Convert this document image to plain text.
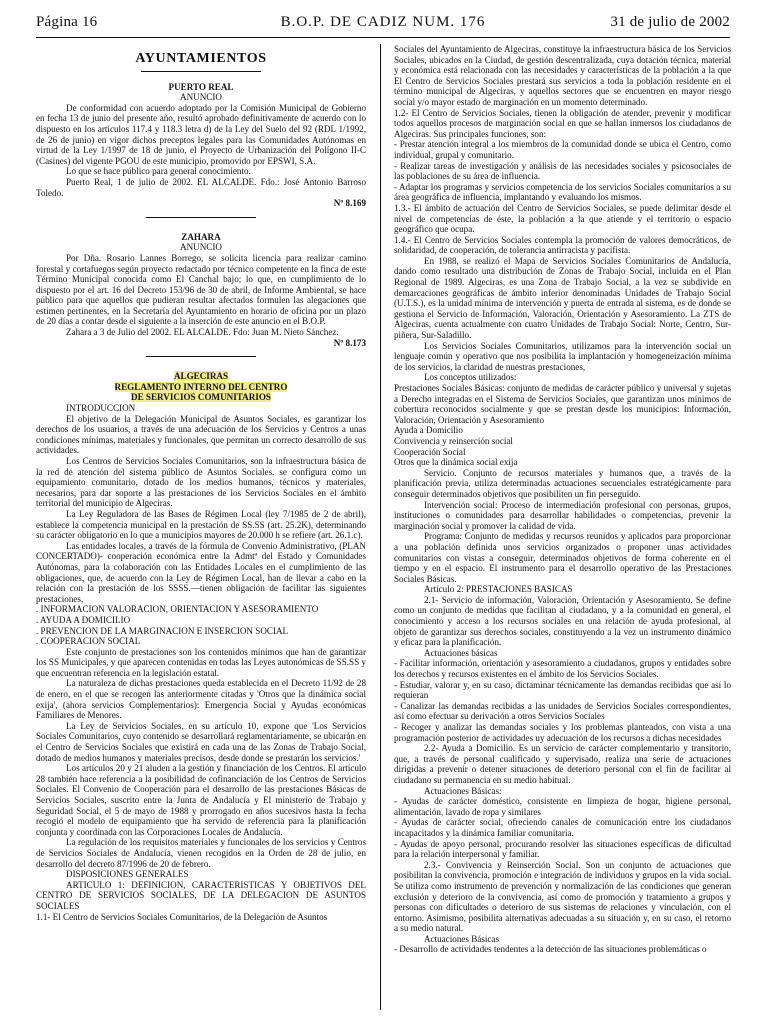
Página 16	B.O.P. DE CADIZ NUM. 176	31 de julio de 2002
AYUNTAMIENTOS

PUERTO REAL

ANUNCIO

De conformidad con acuerdo adoptado por la Comisión Municipal de Gobierno en fecha 13 de junio del presente año, resultó aprobado definitivamente de acuerdo con lo dispuesto en los artículos 117.4 y 118.3 letra d) de la Ley del Suelo del 92 (RDL 1/1992, de 26 de junio) en vigor dichos preceptos legales para las Comunidades Autónomas en virtud de la Ley 1/1997 de 18 de junio, el Proyecto de Urbanización del Polígono II-C (Casines) del vigente PGOU de este municipio, promovido por EPSWI, S.A.

Lo que se hace público para general conocimiento.

Puerto Real, 1 de julio de 2002. EL ALCALDE. Fdo.: José Antonio Barroso Toledo.

Nº 8.169

ZAHARA

ANUNCIO

Por Dña. Rosario Lannes Borrego, se solicita licencia para realizar camino forestal y cortafuegos según proyecto redactado por técnico competente en la finca de este Término Municipal conocida como El Canchal bajo; lo que, en cumplimiento de lo dispuesto por el art. 16 del Decreto 153/96 de 30 de abril, de Informe Ambiental, se hace público para que aquellos que pudieran resultar afectados formulen las alegaciones que estimen pertinentes, en la Secretaría del Ayuntamiento en horario de oficina por un plazo de 20 días a contar desde el siguiente a la inserción de este anuncio en el B.O.P.

Zahara a 3 de Julio del 2002. EL ALCALDE. Fdo: Juan M. Nieto Sánchez.

Nº 8.173

ALGECIRAS

REGLAMENTO INTERNO DEL CENTRO

DE SERVICIOS COMUNITARIOS

INTRODUCCION

El objetivo de la Delegación Municipal de Asuntos Sociales, es garantizar los derechos de los usuarios, a través de una adecuación de los Servicios y Centros a unas condiciones mínimas, materiales y funcionales, que permitan un correcto desarrollo de sus actividades.

Los Centros de Servicios Sociales Comunitarios, son la infraestructura básica de la red de atención del sistema público de Asuntos Sociales. se configura como un equipamiento comunitario, dotado de los medios humanos, técnicos y materiales, necesarios, para dar soporte a las prestaciones de los Servicios Sociales en el ámbito territorial del municipio de Algeciras.

La Ley Reguladora de las Bases de Régimen Local (ley 7/1985 de 2 de abril), establece la competencia municipal en la prestación de SS.SS (art. 25.2K), determinando su carácter obligatorio en lo que a municipios mayores de 20.000 h se refiere (art. 26.1.c).

Las entidades locales, a través de la fórmula de Convenio Administrativo, (PLAN CONCERTADO)- cooperación económica entre la Admtª del Estado y Comunidades Autónomas, para la colaboración con las Entidades Locales en el cumplimiento de las obligaciones, que, de acuerdo con la Ley de Régimen Local, han de llevar a cabo en la relación con la prestación de los SSSS.—tienen obligación de facilitar las siguientes prestaciones,

. INFORMACION VALORACION, ORIENTACION Y ASESORAMIENTO

. AYUDA A DOMICILIO

. PREVENCION DE LA MARGINACION E INSERCION SOCIAL

. COOPERACION SOCIAL

Este conjunto de prestaciones son los contenidos mínimos que han de garantizar los SS Municipales, y que aparecen contenidas en todas las Leyes autonómicas de SS.SS y que encuentran referencia en la legislación estatal.

La naturaleza de dichas prestaciones queda establecida en el Decreto 11/92 de 28 de enero, en el que se recogen las anteriormente citadas y 'Otros que la dinámica social exija', (ahora servicios Complementarios): Emergencia Social y Ayudas económicas Familiares de Menores.

La Ley de Servicios Sociales, en su artículo 10, expone que 'Los Servicios Sociales Comunitarios, cuyo contenido se desarrollará reglamentariamente, se ubicarán en el Centro de Servicios Sociales que existirá en cada una de las Zonas de Trabajo Social, dotado de medios humanos y materiales precisos, desde donde se prestarán los servicios.'

Los artículos 20 y 21 aluden a la gestión y financiación de los Centros. El artículo 28 también hace referencia a la posibilidad de cofinanciación de los Centros de Servicios Sociales. El Convenio de Cooperación para el desarrollo de las prestaciones Básicas de Servicios Sociales, suscrito entre la Junta de Andalucía y El ministerio de Trabajo y Seguridad Social, el 5 de mayo de 1988 y prorrogado en años sucesivos hasta la fecha recogió el modelo de equipamiento que ha servido de referencia para la planificación conjunta y coordinada con las Corporaciones Locales de Andalucía.

La regulación de los requisitos materiales y funcionales de los servicios y Centros de Servicios Sociales de Andalucía, vienen recogidos en la Orden de 28 de julio, en desarrollo del decreto 87/1996 de 20 de febrero.

DISPOSICIONES GENERALES

ARTICULO 1: DEFINICION, CARACTERISTICAS Y OBJETIVOS DEL CENTRO DE SERVICIOS SOCIALES, DE LA DELEGACION DE ASUNTOS SOCIALES

1.1- El Centro de Servicios Sociales Comunitarios, de la Delegación de Asuntos

Sociales del Ayuntamiento de Algeciras, constituye la infraestructura básica de los Servicios Sociales, ubicados en la Ciudad, de gestión descentralizada, cuya dotación técnica, material y económica está relacionada con las necesidades y características de la población a la que El Centro de Servicios Sociales prestará sus servicios a toda la población residente en el término municipal de Algeciras, y aquellos sectores que se encuentren en mayor riesgo social y/o mayor estado de marginación en un momento determinado.

1.2- El Centro de Servicios Sociales, tienen la obligación de atender, prevenir y modificar todos aquellos procesos de marginación social en que se hallan inmersos los ciudadanos de Algeciras. Sus principales funciones, son:

- Prestar atención integral a los miembros de la comunidad donde se ubica el Centro, como individual, grupal y comunitario.

- Realizar tareas de investigación y análisis de las necesidades sociales y psicosociales de las poblaciones de su área de influencia.

- Adaptar los programas y servicios competencia de los servicios Sociales comunitarios a su área geográfica de influencia, implantando y evaluando los mismos.

1.3.- El ámbito de actuación del Centro de Servicios Sociales, se puede delimitar desde el nivel de competencias de éste, la población a la que atiende y el territorio o espacio geográfico que ocupa.

1.4.- El Centro de Servicios Sociales contempla la promoción de valores democráticos, de solidaridad, de cooperación, de tolerancia antirracista y pacifista.

En 1988, se realizó el Mapa de Servicios Sociales Comunitarios de Andalucía, dando como resultado una distribución de Zonas de Trabajo Social, incluida en el Plan Regional de 1989. Algeciras, es una Zona de Trabajo Social, a la vez se subdivide en demarcaciones geográficas de ámbito inferior denominadas Unidades de Trabajo Social (U.T.S.), es la unidad mínima de intervención y puerta de entrada al sistema, es de donde se gestiona el Servicio de Información, Valoración, Orientación y Asesoramiento. La ZTS de Algeciras, cuenta actualmente con cuatro Unidades de Trabajo Social: Norte, Centro, Sur-piñera, Sur-Saladillo.

Los Servicios Sociales Comunitarios, utilizamos para la intervención social un lenguaje común y operativo que nos posibilita la implantación y homogeneización mínima de los servicios, la claridad de nuestras prestaciones,

Los conceptos utilizados:

Prestaciones Sociales Básicas: conjunto de medidas de carácter público y universal y sujetas a Derecho integradas en el Sistema de Servicios Sociales, que garantizan unos mínimos de cobertura reconocidos socialmente y que se prestan desde los municipios: Información, Valoración, Orientación y Asesoramiento

Ayuda a Domicilio

Convivencia y reinserción social

Cooperación Social

Otros que la dinámica social exija

Servicio. Conjunto de recursos materiales y humanos que, a través de la planificación previa, utiliza determinadas actuaciones secuenciales estratégicamente para conseguir determinados objetivos que posibiliten un fin perseguido.

Intervención social: Proceso de intermediación profesional con personas, grupos, instituciones o comunidades para desarrollar habilidades o competencias, prevenir la marginación social y promover la calidad de vida.

Programa: Conjunto de medidas y recursos reunidos y aplicados para proporcionar a una población definida unos servicios organizados o proponer unas actividades comunitarios con vistas a conseguir, determinados objetivos de forma coherente en el tiempo y en el espacio. El instrumento para el desarrollo operativo de las Prestaciones Sociales Básicas.

Artículo 2: PRESTACIONES BASICAS

2.1- Servicio de información, Valoración, Orientación y Asesoramiento. Se define como un conjunto de medidas que facilitan al ciudadano, y a la comunidad en general, el conocimiento y acceso a los recursos sociales en una relación de ayuda profesional, al objeto de garantizar sus derechos sociales, constituyendo a la vez un instrumento dinámico y eficaz para la planificación.

Actuaciones básicas

- Facilitar información, orientación y asesoramiento a ciudadanos, grupos y entidades sobre los derechos y recursos existentes en el ámbito de los Servicios Sociales.

- Estudiar, valorar y, en su caso, dictaminar técnicamente las demandas recibidas que así lo requieran

- Canalizar las demandas recibidas a las unidades de Servicios Sociales correspondientes, así como efectuar su derivación a otros Servicios Sociales

- Recoger y analizar las demandas sociales y los problemas planteados, con vista a una programación posterior de actividades uy adecuación de los recursos a dichas necesidades

2.2- Ayuda a Domicilio. Es un servicio de carácter complementario y transitorio, que, a través de personal cualificado y supervisado, realiza una serie de actuaciones dirigidas a prevenir o detener situaciones de deterioro personal con el fin de facilitar al ciudadano su permanencia en su medio habitual.

Actuaciones Básicas:

- Ayudas de carácter doméstico, consistente en limpieza de hogar, higiene personal, alimentación, lavado de ropa y similares

- Ayudas de carácter social, ofreciendo canales de comunicación entre los ciudadanos incapacitados y la dinámica familiar comunitaria.

- Ayudas de apoyo personal, procurando resolver las situaciones específicas de dificultad para la relación interpersonal y familiar.

2.3.- Convivencia y Reinserción Social. Son un conjunto de actuaciones que posibilitan la convivencia, promoción e integración de individuos y grupos en la vida social. Se utiliza como instrumento de prevención y normalización de las condiciones que generan exclusión y deterioro de la convivencia, así como de promoción y tratamiento a grupos y personas con dificultades o deterioro de sus sistemas de relaciones y vinculación, con el entorno. Asimismo, posibilita alternativas adecuadas a su situación y, en su caso, el retorno a su medio natural.

Actuaciones Básicas

- Desarrollo de actividades tendentes a la detección de las situaciones problemáticas o
